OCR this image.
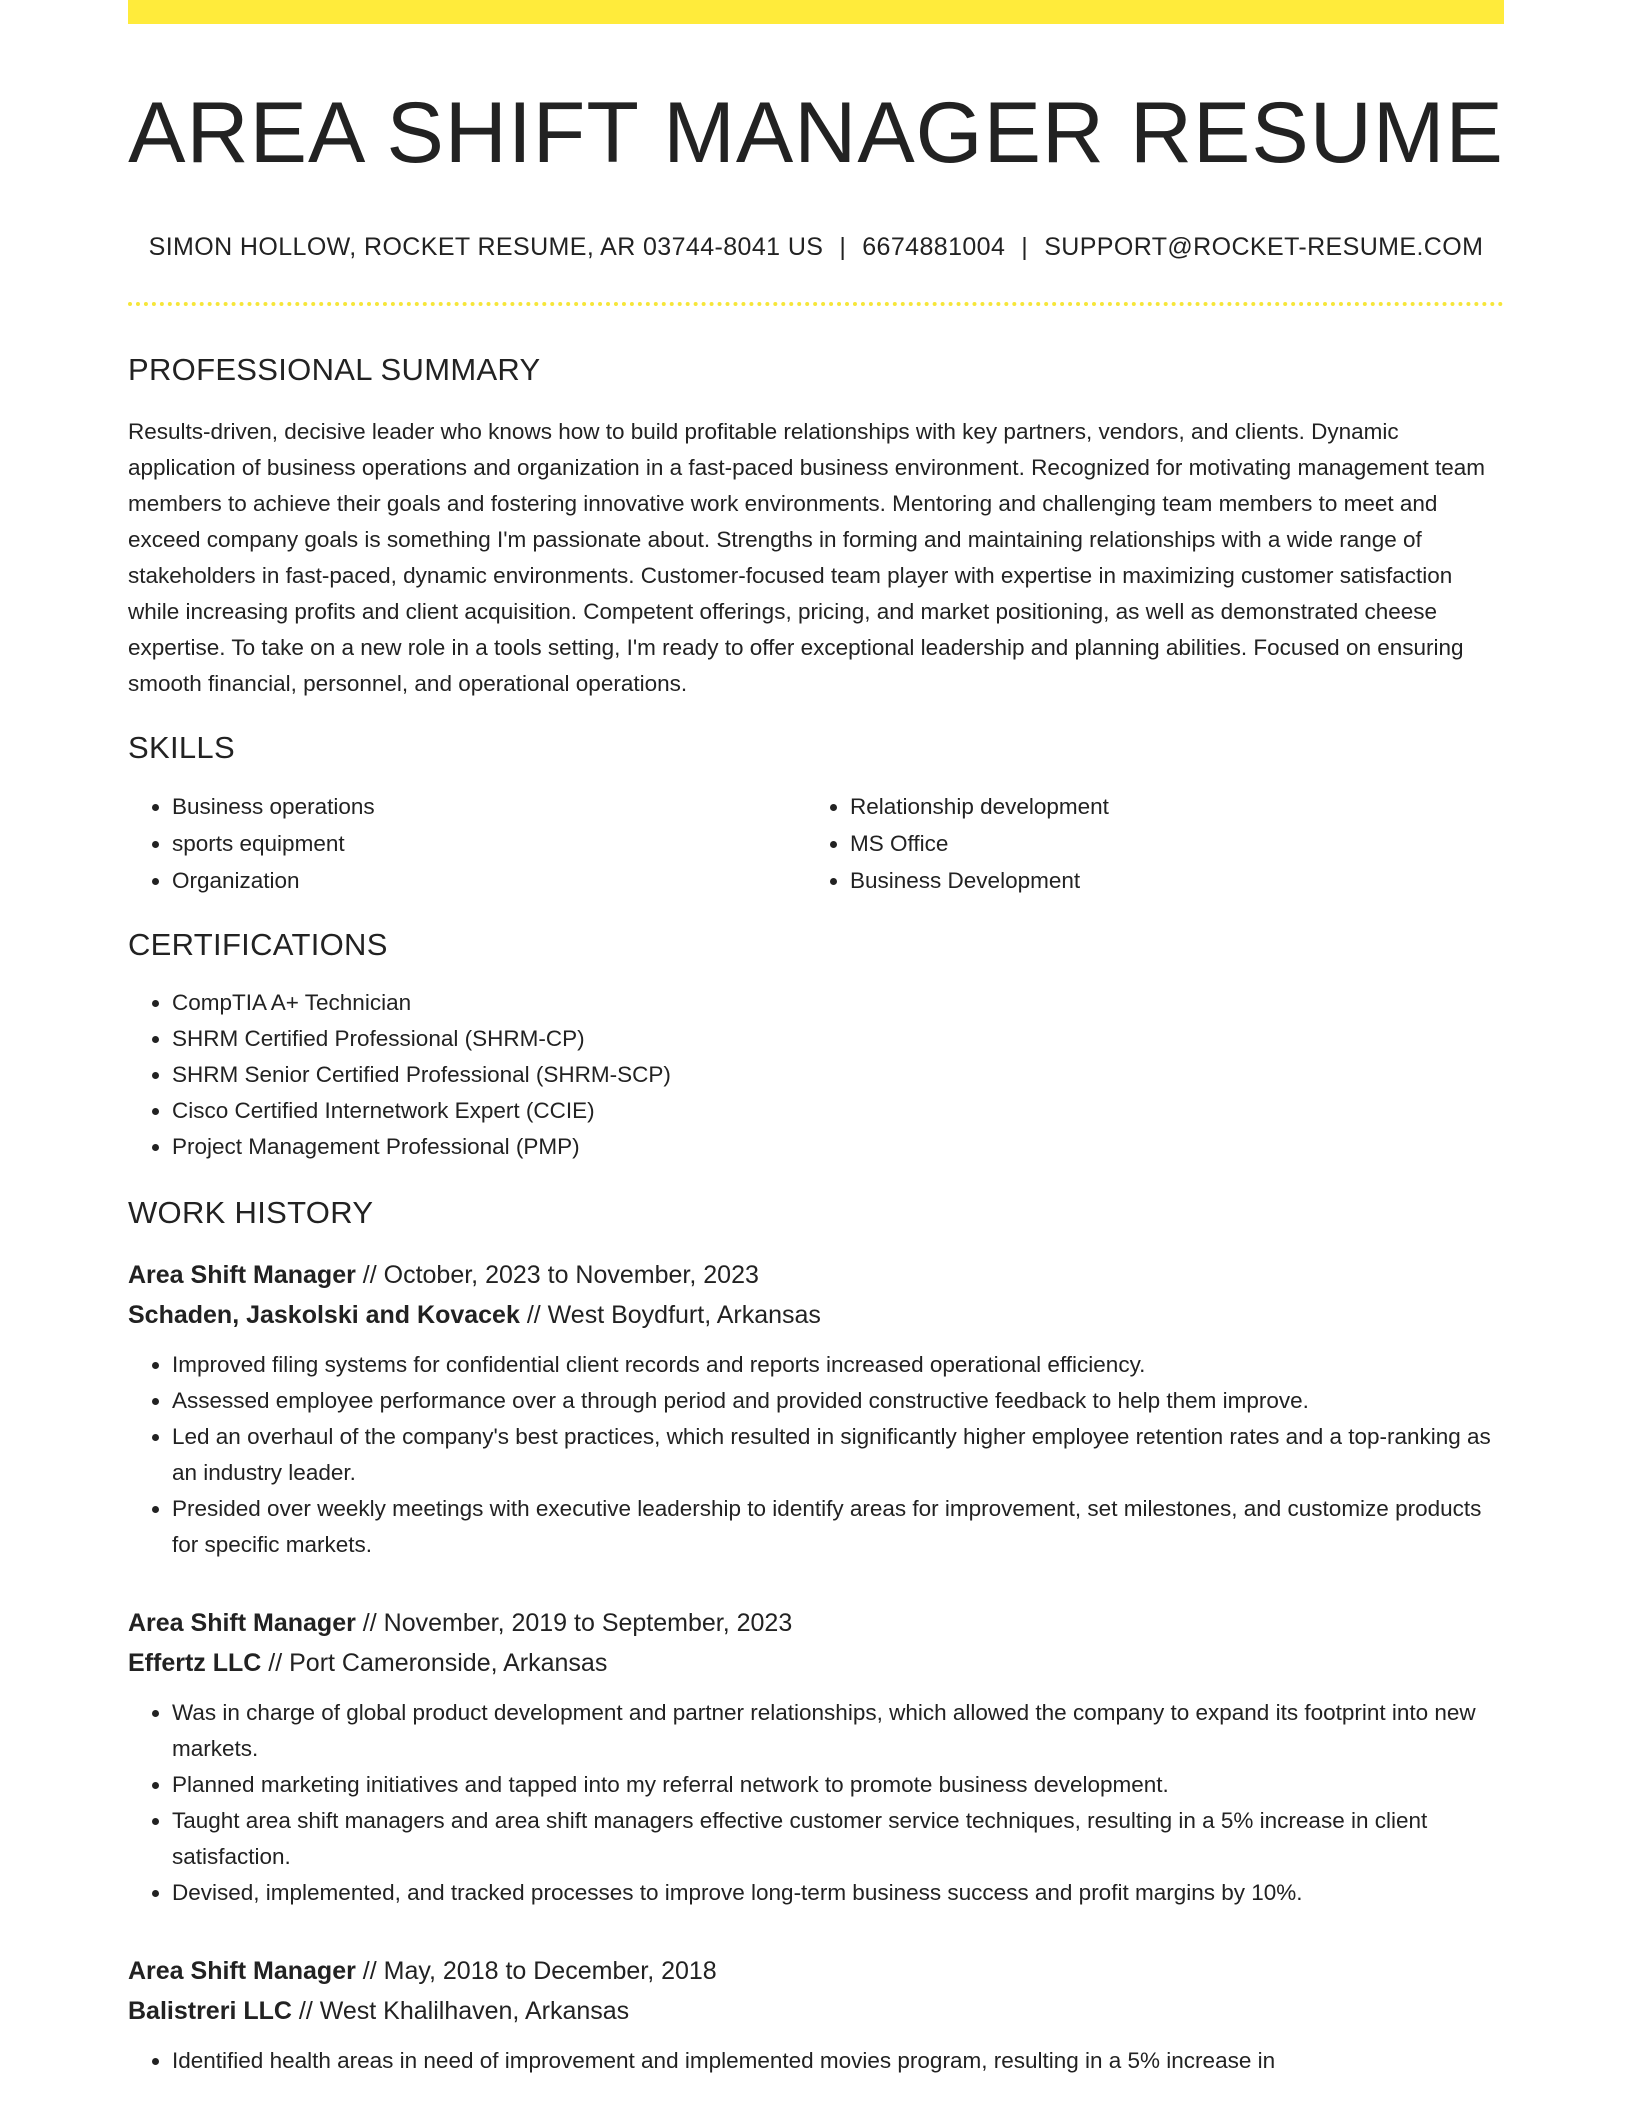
AREA SHIFT MANAGER RESUME
SIMON HOLLOW, ROCKET RESUME, AR 03744-8041 US | 6674881004 | SUPPORT@ROCKET-RESUME.COM
PROFESSIONAL SUMMARY
Results-driven, decisive leader who knows how to build profitable relationships with key partners, vendors, and clients. Dynamic application of business operations and organization in a fast-paced business environment. Recognized for motivating management team members to achieve their goals and fostering innovative work environments. Mentoring and challenging team members to meet and exceed company goals is something I'm passionate about. Strengths in forming and maintaining relationships with a wide range of stakeholders in fast-paced, dynamic environments. Customer-focused team player with expertise in maximizing customer satisfaction while increasing profits and client acquisition. Competent offerings, pricing, and market positioning, as well as demonstrated cheese expertise. To take on a new role in a tools setting, I'm ready to offer exceptional leadership and planning abilities. Focused on ensuring smooth financial, personnel, and operational operations.
SKILLS
• Business operations
• sports equipment
• Organization
• Relationship development
• MS Office
• Business Development
CERTIFICATIONS
• CompTIA A+ Technician
• SHRM Certified Professional (SHRM-CP)
• SHRM Senior Certified Professional (SHRM-SCP)
• Cisco Certified Internetwork Expert (CCIE)
• Project Management Professional (PMP)
WORK HISTORY
Area Shift Manager // October, 2023 to November, 2023
Schaden, Jaskolski and Kovacek // West Boydfurt, Arkansas
• Improved filing systems for confidential client records and reports increased operational efficiency.
• Assessed employee performance over a through period and provided constructive feedback to help them improve.
• Led an overhaul of the company's best practices, which resulted in significantly higher employee retention rates and a top-ranking as an industry leader.
• Presided over weekly meetings with executive leadership to identify areas for improvement, set milestones, and customize products for specific markets.
Area Shift Manager // November, 2019 to September, 2023
Effertz LLC // Port Cameronside, Arkansas
• Was in charge of global product development and partner relationships, which allowed the company to expand its footprint into new markets.
• Planned marketing initiatives and tapped into my referral network to promote business development.
• Taught area shift managers and area shift managers effective customer service techniques, resulting in a 5% increase in client satisfaction.
• Devised, implemented, and tracked processes to improve long-term business success and profit margins by 10%.
Area Shift Manager // May, 2018 to December, 2018
Balistreri LLC // West Khalilhaven, Arkansas
• Identified health areas in need of improvement and implemented movies program, resulting in a 5% increase in
